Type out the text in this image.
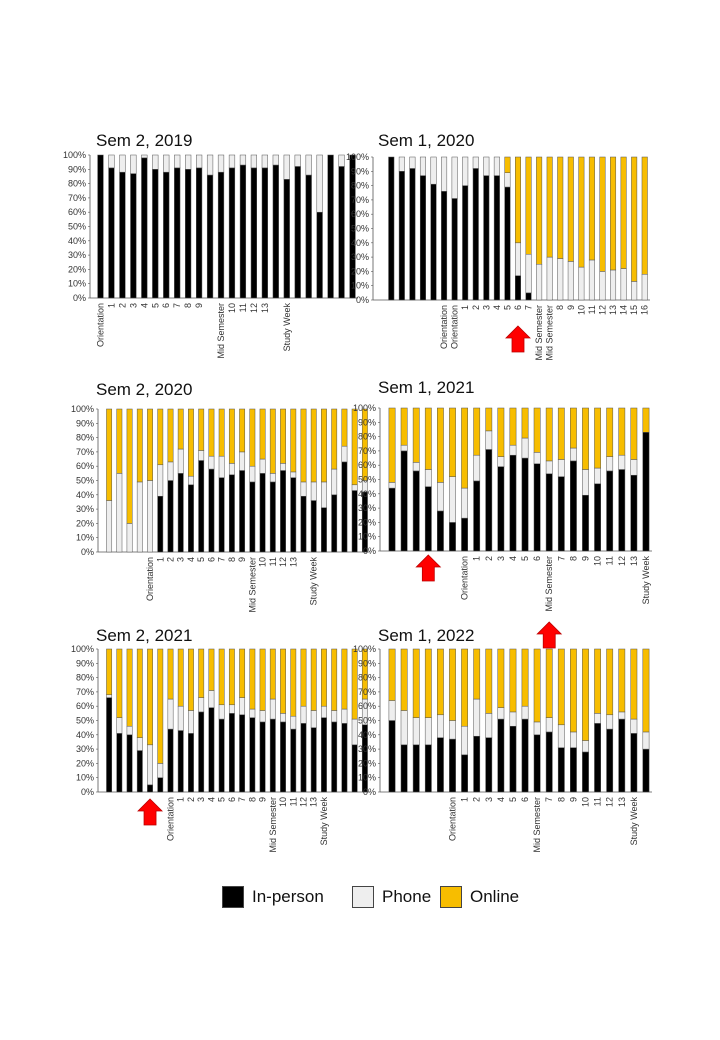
Sem 2, 2019
0%
10%
20%
30%
40%
50%
60%
70%
80%
90%
100%
Orientation 1 2 3 4 5 6 7 8 9 Mid Semester 10 11 12 13 Study Week
Sem 1, 2020
0%
10%
20%
30%
40%
50%
60%
70%
80%
90%
100%
Orientation Orientation 1 2 3 4 5 6 7 Mid Semester Mid Semester 8 9 10 11 12 13 14 15 16
Sem 2, 2020
0%
10%
20%
30%
40%
50%
60%
70%
80%
90%
100%
Orientation 1 2 3 4 5 6 7 8 9 Mid Semester 10 11 12 13 Study Week
Sem 1, 2021
0%
10%
20%
30%
40%
50%
60%
70%
80%
90%
100%
Orientation 1 2 3 4 5 6 Mid Semester 7 8 9 10 11 12 13 Study Week
Sem 2, 2021
0%
10%
20%
30%
40%
50%
60%
70%
80%
90%
100%
Orientation 1 2 3 4 5 6 7 8 9 Mid Semester 10 11 12 13 Study Week
Sem 1, 2022
0%
10%
20%
30%
40%
50%
60%
70%
80%
90%
100%
Orientation 1 2 3 4 5 6 Mid Semester 7 8 9 10 11 12 13 Study Week
In-person	Phone Online
